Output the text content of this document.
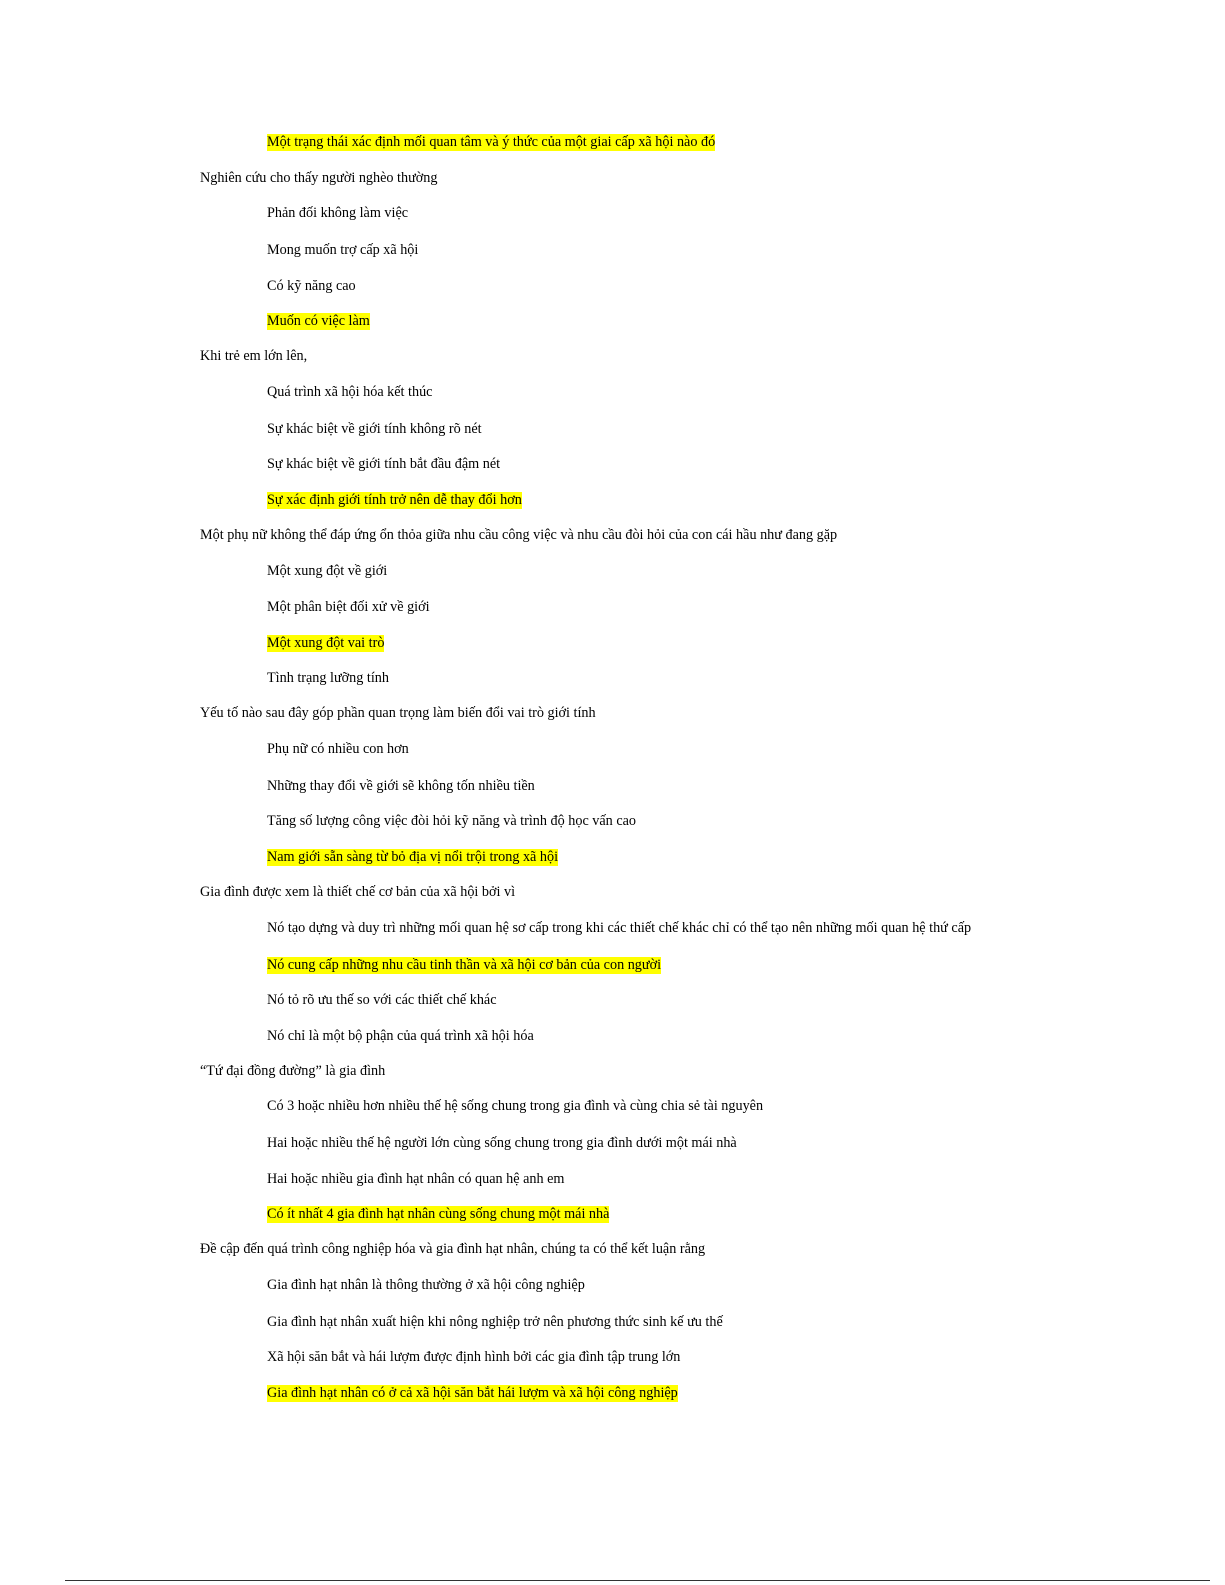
Một trạng thái xác định mối quan tâm và ý thức của một giai cấp xã hội nào đó
Nghiên cứu cho thấy người nghèo thường
Phản đối không làm việc
Mong muốn trợ cấp xã hội
Có kỹ năng cao
Muốn có việc làm
Khi trẻ em lớn lên,
Quá trình xã hội hóa kết thúc
Sự khác biệt về giới tính không rõ nét
Sự khác biệt về giới tính bắt đầu đậm nét
Sự xác định giới tính trở nên dễ thay đổi hơn
Một phụ nữ không thể đáp ứng ổn thỏa giữa nhu cầu công việc và nhu cầu đòi hỏi của con cái hầu như đang gặp
Một xung đột về giới
Một phân biệt đối xử về giới
Một xung đột vai trò
Tình trạng lưỡng tính
Yếu tố nào sau đây góp phần quan trọng làm biến đổi vai trò giới tính
Phụ nữ có nhiều con hơn
Những thay đổi về giới sẽ không tốn nhiều tiền
Tăng số lượng công việc đòi hỏi kỹ năng và trình độ học vấn cao
Nam giới sẵn sàng từ bỏ địa vị nổi trội trong xã hội
Gia đình được xem là thiết chế cơ bản của xã hội bởi vì
Nó tạo dựng và duy trì những mối quan hệ sơ cấp trong khi các thiết chế khác chỉ có thể tạo nên những mối quan hệ thứ cấp
Nó cung cấp những nhu cầu tinh thần và xã hội cơ bản của con người
Nó tỏ rõ ưu thế so với các thiết chế khác
Nó chỉ là một bộ phận của quá trình xã hội hóa
“Tứ đại đồng đường” là gia đình
Có 3 hoặc nhiều hơn nhiều thế hệ sống chung trong gia đình và cùng chia sẻ tài nguyên
Hai hoặc nhiều thế hệ người lớn cùng sống chung trong gia đình dưới một mái nhà
Hai hoặc nhiều gia đình hạt nhân có quan hệ anh em
Có ít nhất 4 gia đình hạt nhân cùng sống chung một mái nhà
Đề cập đến quá trình công nghiệp hóa và gia đình hạt nhân, chúng ta có thể kết luận rằng
Gia đình hạt nhân là thông thường ở xã hội công nghiệp
Gia đình hạt nhân xuất hiện khi nông nghiệp trở nên phương thức sinh kế ưu thế
Xã hội săn bắt và hái lượm được định hình bởi các gia đình tập trung lớn
Gia đình hạt nhân có ở cả xã hội săn bắt hái lượm và xã hội công nghiệp
